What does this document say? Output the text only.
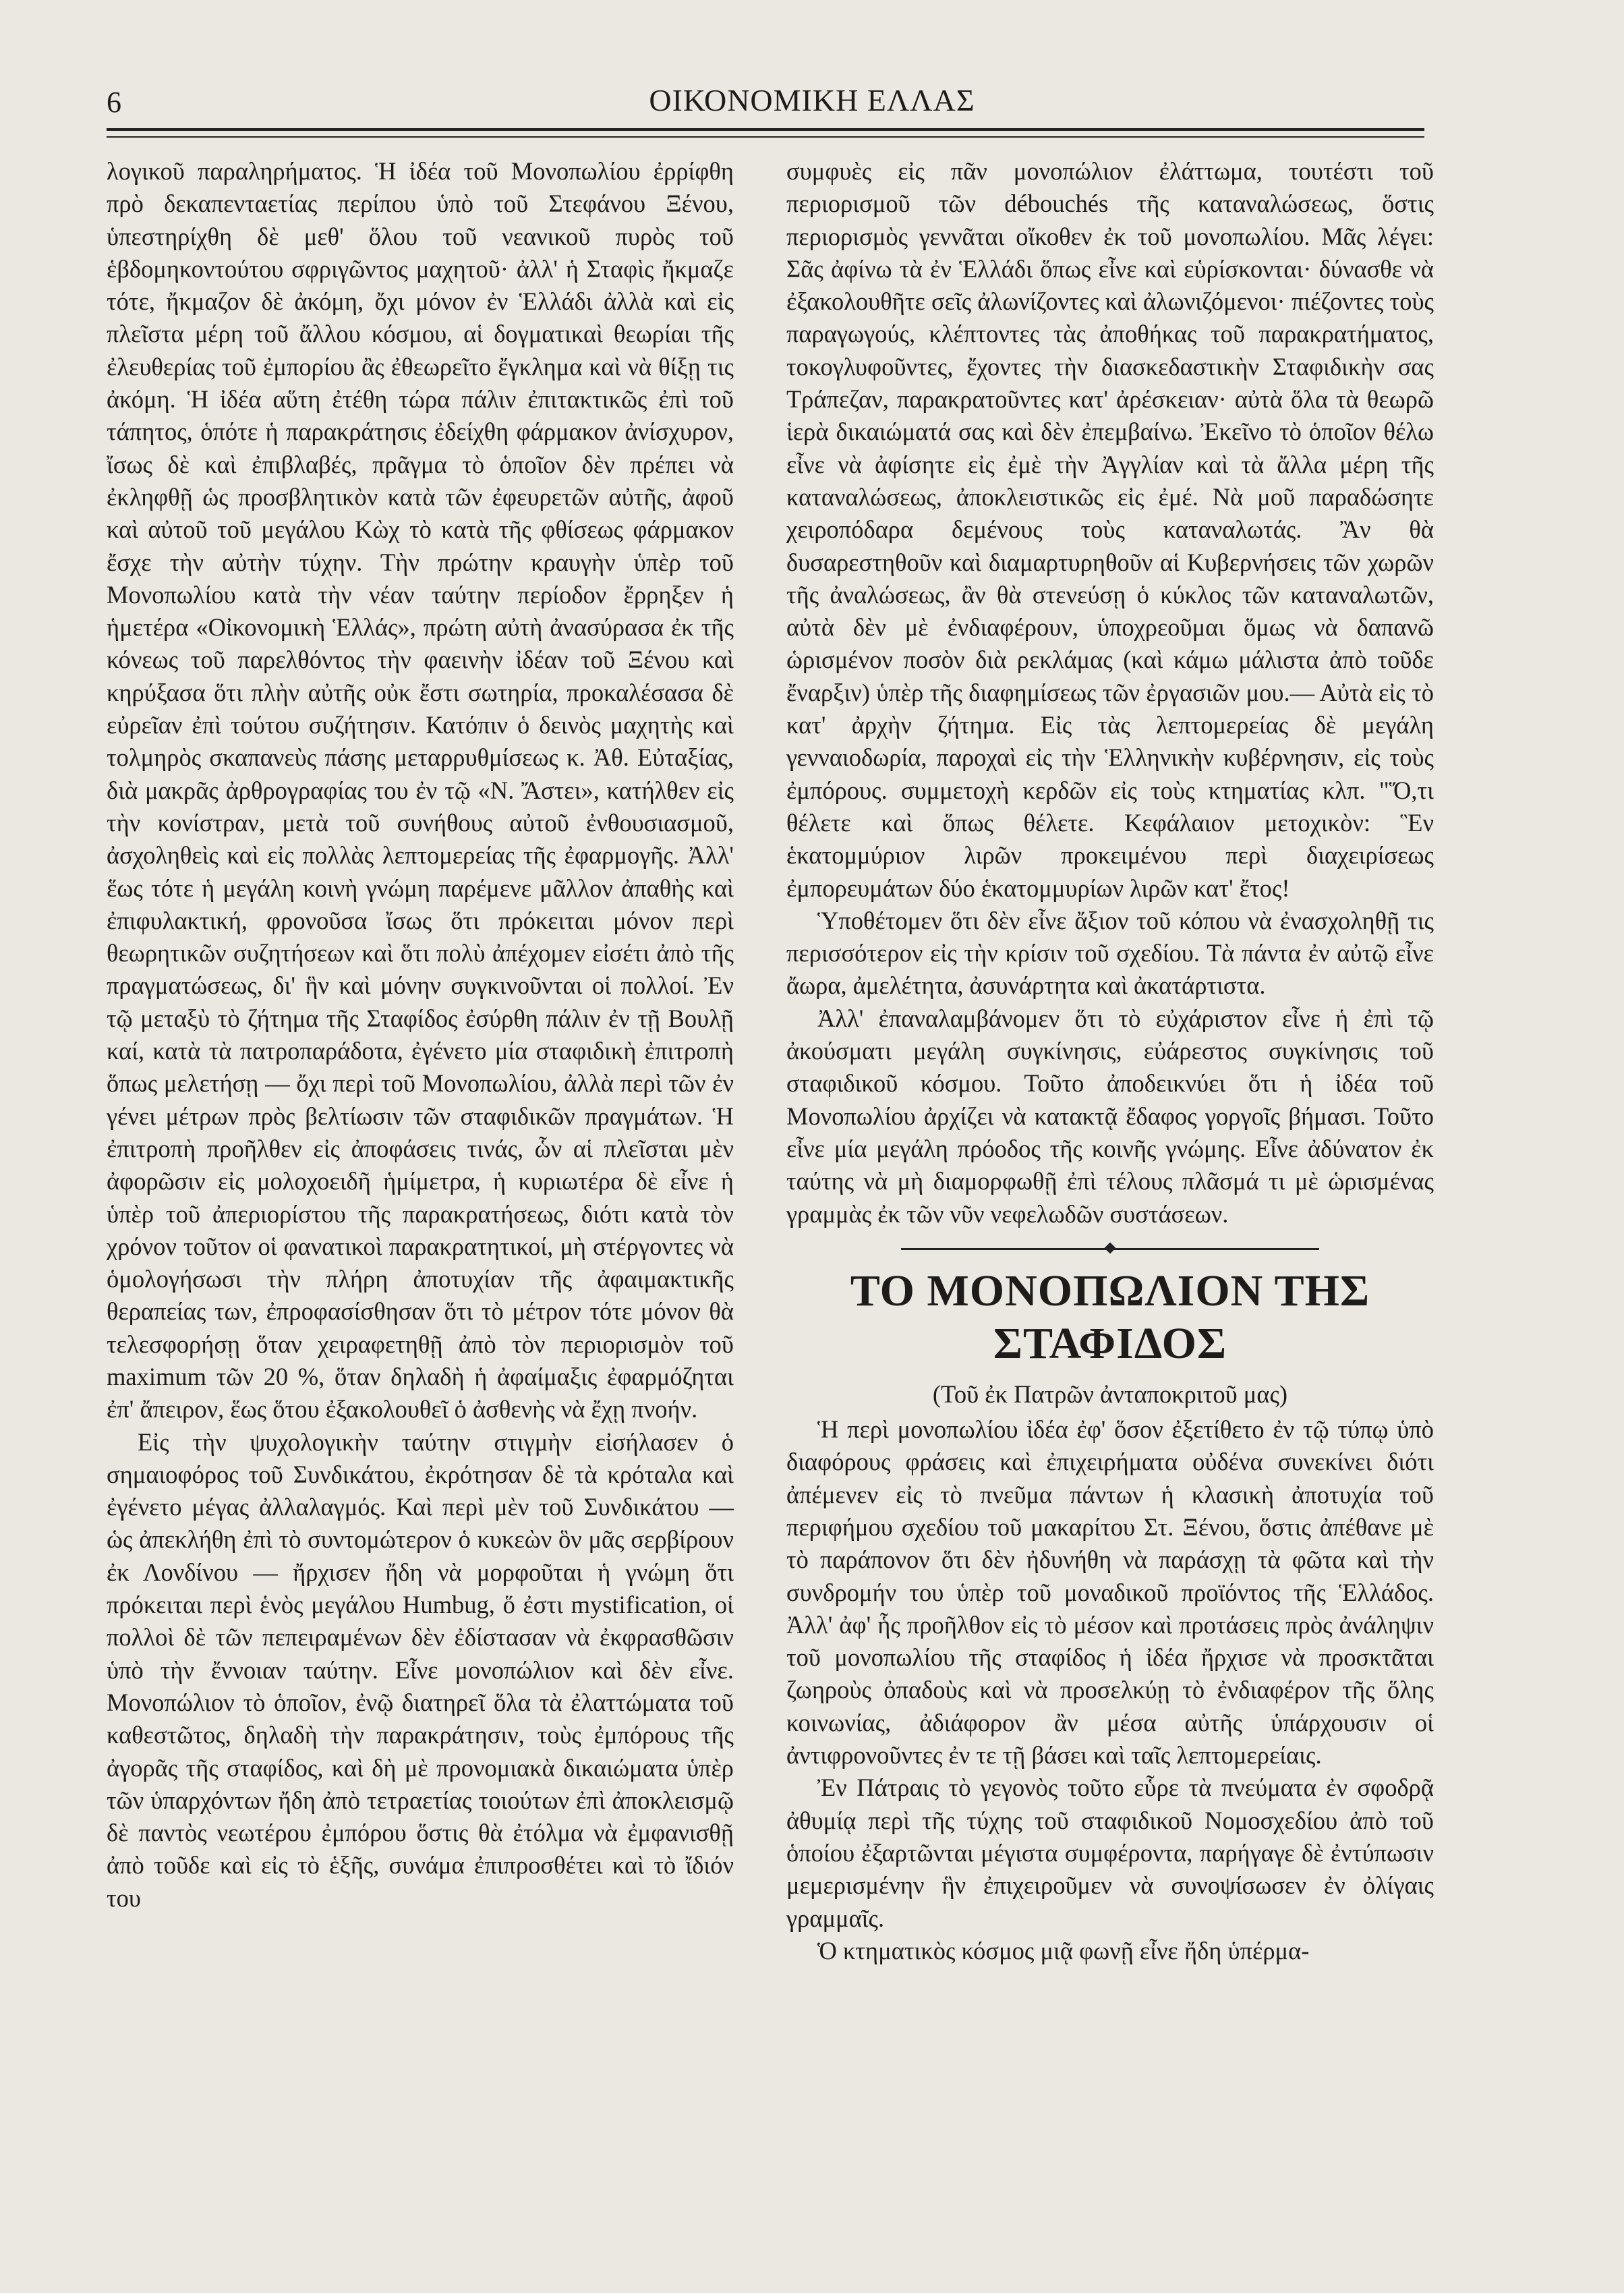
6	ΟΙΚΟΝΟΜΙΚΗ ΕΛΛΑΣ

λογικοῦ παραληρήματος. Ἡ ἰδέα τοῦ Μονοπωλίου ἐρρίφθη πρὸ δεκαπενταετίας περίπου ὑπὸ τοῦ Στεφάνου Ξένου, ὑπεστηρίχθη δὲ μεθ' ὅλου τοῦ νεανικοῦ πυρὸς τοῦ ἑβδομηκοντούτου σφριγῶντος μαχητοῦ· ἀλλ' ἡ Σταφὶς ἤκμαζε τότε, ἤκμαζον δὲ ἀκόμη, ὄχι μόνον ἐν Ἑλλάδι ἀλλὰ καὶ εἰς πλεῖστα μέρη τοῦ ἄλλου κόσμου, αἱ δογματικαὶ θεωρίαι τῆς ἐλευθερίας τοῦ ἐμπορίου ἂς ἐθεωρεῖτο ἔγκλημα καὶ νὰ θίξῃ τις ἀκόμη. Ἡ ἰδέα αὕτη ἐτέθη τώρα πάλιν ἐπιτακτικῶς ἐπὶ τοῦ τάπητος, ὁπότε ἡ παρακράτησις ἐδείχθη φάρμακον ἀνίσχυρον, ἴσως δὲ καὶ ἐπιβλαβές, πρᾶγμα τὸ ὁποῖον δὲν πρέπει νὰ ἐκληφθῇ ὡς προσβλητικὸν κατὰ τῶν ἐφευρετῶν αὐτῆς, ἀφοῦ καὶ αὐτοῦ τοῦ μεγάλου Κὼχ τὸ κατὰ τῆς φθίσεως φάρμακον ἔσχε τὴν αὐτὴν τύχην. Τὴν πρώτην κραυγὴν ὑπὲρ τοῦ Μονοπωλίου κατὰ τὴν νέαν ταύτην περίοδον ἔρρηξεν ἡ ἡμετέρα «Οἰκονομικὴ Ἑλλάς», πρώτη αὐτὴ ἀνασύρασα ἐκ τῆς κόνεως τοῦ παρελθόντος τὴν φαεινὴν ἰδέαν τοῦ Ξένου καὶ κηρύξασα ὅτι πλὴν αὐτῆς οὐκ ἔστι σωτηρία, προκαλέσασα δὲ εὐρεῖαν ἐπὶ τούτου συζήτησιν. Κατόπιν ὁ δεινὸς μαχητὴς καὶ τολμηρὸς σκαπανεὺς πάσης μεταρρυθμίσεως κ. Ἀθ. Εὐταξίας, διὰ μακρᾶς ἀρθρογραφίας του ἐν τῷ «Ν. Ἄστει», κατήλθεν εἰς τὴν κονίστραν, μετὰ τοῦ συνήθους αὐτοῦ ἐνθουσιασμοῦ, ἀσχοληθεὶς καὶ εἰς πολλὰς λεπτομερείας τῆς ἐφαρμογῆς. Ἀλλ' ἕως τότε ἡ μεγάλη κοινὴ γνώμη παρέμενε μᾶλλον ἀπαθὴς καὶ ἐπιφυλακτική, φρονοῦσα ἴσως ὅτι πρόκειται μόνον περὶ θεωρητικῶν συζητήσεων καὶ ὅτι πολὺ ἀπέχομεν εἰσέτι ἀπὸ τῆς πραγματώσεως, δι' ἣν καὶ μόνην συγκινοῦνται οἱ πολλοί. Ἐν τῷ μεταξὺ τὸ ζήτημα τῆς Σταφίδος ἐσύρθη πάλιν ἐν τῇ Βουλῇ καί, κατὰ τὰ πατροπαράδοτα, ἐγένετο μία σταφιδικὴ ἐπιτροπὴ ὅπως μελετήσῃ — ὄχι περὶ τοῦ Μονοπωλίου, ἀλλὰ περὶ τῶν ἐν γένει μέτρων πρὸς βελτίωσιν τῶν σταφιδικῶν πραγμάτων. Ἡ ἐπιτροπὴ προῆλθεν εἰς ἀποφάσεις τινάς, ὧν αἱ πλεῖσται μὲν ἀφορῶσιν εἰς μολοχοειδῆ ἡμίμετρα, ἡ κυριωτέρα δὲ εἶνε ἡ ὑπὲρ τοῦ ἀπεριορίστου τῆς παρακρατήσεως, διότι κατὰ τὸν χρόνον τοῦτον οἱ φανατικοὶ παρακρατητικοί, μὴ στέργοντες νὰ ὁμολογήσωσι τὴν πλήρη ἀποτυχίαν τῆς ἀφαιμακτικῆς θεραπείας των, ἐπροφασίσθησαν ὅτι τὸ μέτρον τότε μόνον θὰ τελεσφορήσῃ ὅταν χειραφετηθῇ ἀπὸ τὸν περιορισμὸν τοῦ maximum τῶν 20 %, ὅταν δηλαδὴ ἡ ἀφαίμαξις ἐφαρμόζηται ἐπ' ἄπειρον, ἕως ὅτου ἐξακολουθεῖ ὁ ἀσθενὴς νὰ ἔχῃ πνοήν.

Εἰς τὴν ψυχολογικὴν ταύτην στιγμὴν εἰσήλασεν ὁ σημαιοφόρος τοῦ Συνδικάτου, ἐκρότησαν δὲ τὰ κρόταλα καὶ ἐγένετο μέγας ἀλλαλαγμός. Καὶ περὶ μὲν τοῦ Συνδικάτου — ὡς ἀπεκλήθη ἐπὶ τὸ συντομώτερον ὁ κυκεὼν ὃν μᾶς σερβίρουν ἐκ Λονδίνου — ἤρχισεν ἤδη νὰ μορφοῦται ἡ γνώμη ὅτι πρόκειται περὶ ἑνὸς μεγάλου Humbug, ὅ ἐστι mystification, οἱ πολλοὶ δὲ τῶν πεπειραμένων δὲν ἐδίστασαν νὰ ἐκφρασθῶσιν ὑπὸ τὴν ἔννοιαν ταύτην. Εἶνε μονοπώλιον καὶ δὲν εἶνε. Μονοπώλιον τὸ ὁποῖον, ἐνῷ διατηρεῖ ὅλα τὰ ἐλαττώματα τοῦ καθεστῶτος, δηλαδὴ τὴν παρακράτησιν, τοὺς ἐμπόρους τῆς ἀγορᾶς τῆς σταφίδος, καὶ δὴ μὲ προνομιακὰ δικαιώματα ὑπὲρ τῶν ὑπαρχόντων ἤδη ἀπὸ τετραετίας τοιούτων ἐπὶ ἀποκλεισμῷ δὲ παντὸς νεωτέρου ἐμπόρου ὅστις θὰ ἐτόλμα νὰ ἐμφανισθῇ ἀπὸ τοῦδε καὶ εἰς τὸ ἑξῆς, συνάμα ἐπιπροσθέτει καὶ τὸ ἴδιόν του

συμφυὲς εἰς πᾶν μονοπώλιον ἐλάττωμα, τουτέστι τοῦ περιορισμοῦ τῶν débouchés τῆς καταναλώσεως, ὅστις περιορισμὸς γεννᾶται οἴκοθεν ἐκ τοῦ μονοπωλίου. Μᾶς λέγει: Σᾶς ἀφίνω τὰ ἐν Ἑλλάδι ὅπως εἶνε καὶ εὑρίσκονται· δύνασθε νὰ ἐξακολουθῆτε σεῖς ἀλωνίζοντες καὶ ἀλωνιζόμενοι· πιέζοντες τοὺς παραγωγούς, κλέπτοντες τὰς ἀποθήκας τοῦ παρακρατήματος, τοκογλυφοῦντες, ἔχοντες τὴν διασκεδαστικὴν Σταφιδικὴν σας Τράπεζαν, παρακρατοῦντες κατ' ἀρέσκειαν· αὐτὰ ὅλα τὰ θεωρῶ ἱερὰ δικαιώματά σας καὶ δὲν ἐπεμβαίνω. Ἐκεῖνο τὸ ὁποῖον θέλω εἶνε νὰ ἀφίσητε εἰς ἐμὲ τὴν Ἀγγλίαν καὶ τὰ ἄλλα μέρη τῆς καταναλώσεως, ἀποκλειστικῶς εἰς ἐμέ. Νὰ μοῦ παραδώσητε χειροπόδαρα δεμένους τοὺς καταναλωτάς. Ἂν θὰ δυσαρεστηθοῦν καὶ διαμαρτυρηθοῦν αἱ Κυβερνήσεις τῶν χωρῶν τῆς ἀναλώσεως, ἂν θὰ στενεύσῃ ὁ κύκλος τῶν καταναλωτῶν, αὐτὰ δὲν μὲ ἐνδιαφέρουν, ὑποχρεοῦμαι ὅμως νὰ δαπανῶ ὡρισμένον ποσὸν διὰ ρεκλάμας (καὶ κάμω μάλιστα ἀπὸ τοῦδε ἔναρξιν) ὑπὲρ τῆς διαφημίσεως τῶν ἐργασιῶν μου.— Αὐτὰ εἰς τὸ κατ' ἀρχὴν ζήτημα. Εἰς τὰς λεπτομερείας δὲ μεγάλη γενναιοδωρία, παροχαὶ εἰς τὴν Ἑλληνικὴν κυβέρνησιν, εἰς τοὺς ἐμπόρους. συμμετοχὴ κερδῶν εἰς τοὺς κτηματίας κλπ. "Ὅ,τι θέλετε καὶ ὅπως θέλετε. Κεφάλαιον μετοχικὸν: Ἓν ἑκατομμύριον λιρῶν προκειμένου περὶ διαχειρίσεως ἐμπορευμάτων δύο ἑκατομμυρίων λιρῶν κατ' ἔτος!

Ὑποθέτομεν ὅτι δὲν εἶνε ἄξιον τοῦ κόπου νὰ ἐνασχοληθῇ τις περισσότερον εἰς τὴν κρίσιν τοῦ σχεδίου. Τὰ πάντα ἐν αὐτῷ εἶνε ἄωρα, ἀμελέτητα, ἀσυνάρτητα καὶ ἀκατάρτιστα.

Ἀλλ' ἐπαναλαμβάνομεν ὅτι τὸ εὐχάριστον εἶνε ἡ ἐπὶ τῷ ἀκούσματι μεγάλη συγκίνησις, εὐάρεστος συγκίνησις τοῦ σταφιδικοῦ κόσμου. Τοῦτο ἀποδεικνύει ὅτι ἡ ἰδέα τοῦ Μονοπωλίου ἀρχίζει νὰ κατακτᾷ ἔδαφος γοργοῖς βήμασι. Τοῦτο εἶνε μία μεγάλη πρόοδος τῆς κοινῆς γνώμης. Εἶνε ἀδύνατον ἐκ ταύτης νὰ μὴ διαμορφωθῇ ἐπὶ τέλους πλᾶσμά τι μὲ ὡρισμένας γραμμὰς ἐκ τῶν νῦν νεφελωδῶν συστάσεων.

ΤΟ ΜΟΝΟΠΩΛΙΟΝ ΤΗΣ ΣΤΑΦΙΔΟΣ
(Τοῦ ἐκ Πατρῶν ἀνταποκριτοῦ μας)

Ἡ περὶ μονοπωλίου ἰδέα ἐφ' ὅσον ἐξετίθετο ἐν τῷ τύπῳ ὑπὸ διαφόρους φράσεις καὶ ἐπιχειρήματα οὐδένα συνεκίνει διότι ἀπέμενεν εἰς τὸ πνεῦμα πάντων ἡ κλασικὴ ἀποτυχία τοῦ περιφήμου σχεδίου τοῦ μακαρίτου Στ. Ξένου, ὅστις ἀπέθανε μὲ τὸ παράπονον ὅτι δὲν ἠδυνήθη νὰ παράσχῃ τὰ φῶτα καὶ τὴν συνδρομήν του ὑπὲρ τοῦ μοναδικοῦ προϊόντος τῆς Ἑλλάδος. Ἀλλ' ἀφ' ἧς προῆλθον εἰς τὸ μέσον καὶ προτάσεις πρὸς ἀνάληψιν τοῦ μονοπωλίου τῆς σταφίδος ἡ ἰδέα ἤρχισε νὰ προσκτᾶται ζωηροὺς ὀπαδοὺς καὶ νὰ προσελκύῃ τὸ ἐνδιαφέρον τῆς ὅλης κοινωνίας, ἀδιάφορον ἂν μέσα αὐτῆς ὑπάρχουσιν οἱ ἀντιφρονοῦντες ἐν τε τῇ βάσει καὶ ταῖς λεπτομερείαις.

Ἐν Πάτραις τὸ γεγονὸς τοῦτο εὗρε τὰ πνεύματα ἐν σφοδρᾷ ἀθυμίᾳ περὶ τῆς τύχης τοῦ σταφιδικοῦ Νομοσχεδίου ἀπὸ τοῦ ὁποίου ἐξαρτῶνται μέγιστα συμφέροντα, παρήγαγε δὲ ἐντύπωσιν μεμερισμένην ἣν ἐπιχειροῦμεν νὰ συνοψίσωσεν ἐν ὀλίγαις γραμμαῖς.

Ὁ κτηματικὸς κόσμος μιᾷ φωνῇ εἶνε ἤδη ὑπέρμα-
